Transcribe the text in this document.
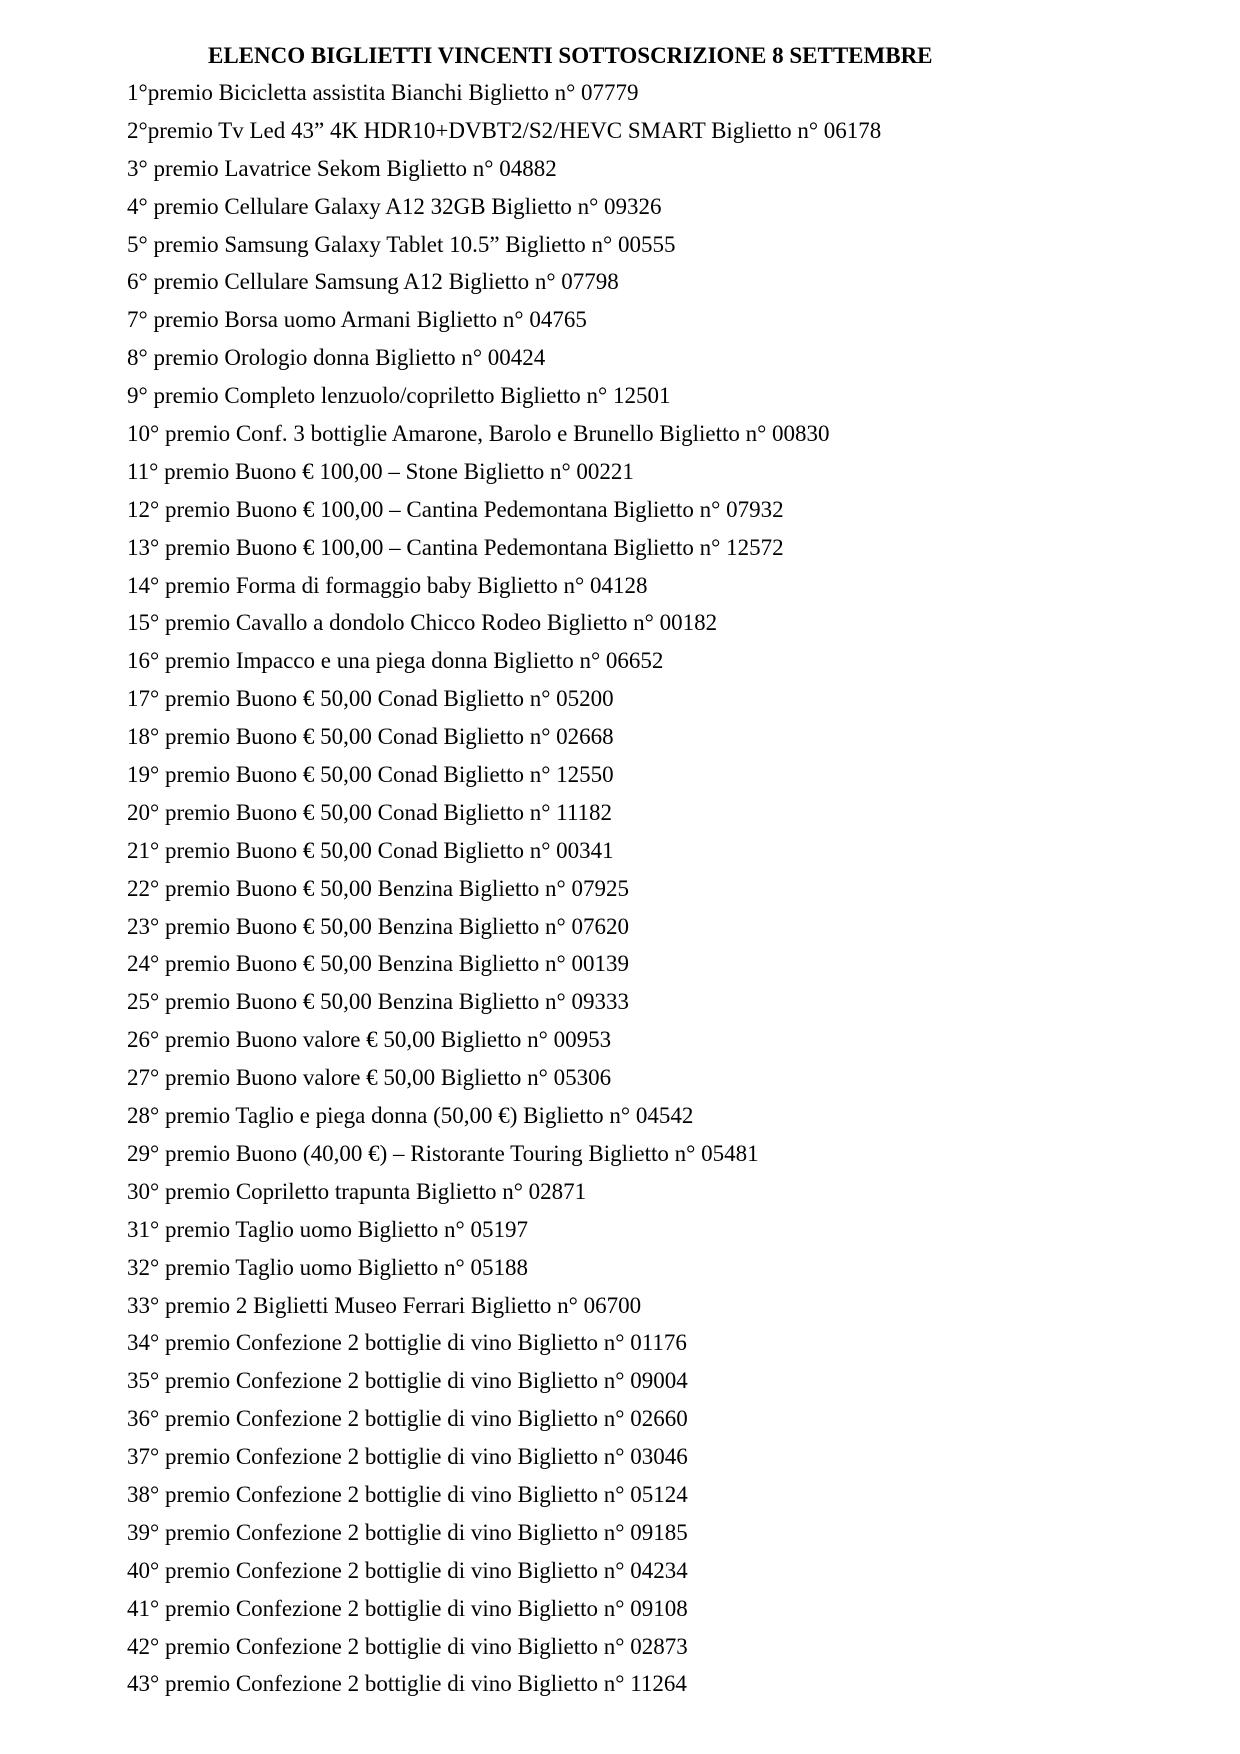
ELENCO BIGLIETTI VINCENTI SOTTOSCRIZIONE 8 SETTEMBRE
1°premio Bicicletta assistita Bianchi Biglietto n° 07779
2°premio Tv Led 43” 4K HDR10+DVBT2/S2/HEVC SMART Biglietto n° 06178
3° premio Lavatrice Sekom Biglietto n° 04882
4° premio Cellulare Galaxy A12 32GB Biglietto n° 09326
5° premio Samsung Galaxy Tablet 10.5” Biglietto n° 00555
6° premio Cellulare Samsung A12 Biglietto n° 07798
7° premio Borsa uomo Armani Biglietto n° 04765
8° premio Orologio donna Biglietto n° 00424
9° premio Completo lenzuolo/copriletto Biglietto n° 12501
10° premio Conf. 3 bottiglie Amarone, Barolo e Brunello Biglietto n° 00830
11° premio Buono € 100,00 – Stone Biglietto n° 00221
12° premio Buono € 100,00 – Cantina Pedemontana Biglietto n° 07932
13° premio Buono € 100,00 – Cantina Pedemontana Biglietto n° 12572
14° premio Forma di formaggio baby Biglietto n° 04128
15° premio Cavallo a dondolo Chicco Rodeo Biglietto n° 00182
16° premio Impacco e una piega donna Biglietto n° 06652
17° premio Buono € 50,00 Conad Biglietto n° 05200
18° premio Buono € 50,00 Conad Biglietto n° 02668
19° premio Buono € 50,00 Conad Biglietto n° 12550
20° premio Buono € 50,00 Conad Biglietto n° 11182
21° premio Buono € 50,00 Conad Biglietto n° 00341
22° premio Buono € 50,00 Benzina Biglietto n° 07925
23° premio Buono € 50,00 Benzina Biglietto n° 07620
24° premio Buono € 50,00 Benzina Biglietto n° 00139
25° premio Buono € 50,00 Benzina Biglietto n° 09333
26° premio Buono valore € 50,00 Biglietto n° 00953
27° premio Buono valore € 50,00 Biglietto n° 05306
28° premio Taglio e piega donna (50,00 €) Biglietto n° 04542
29° premio Buono (40,00 €) – Ristorante Touring Biglietto n° 05481
30° premio Copriletto trapunta Biglietto n° 02871
31° premio Taglio uomo Biglietto n° 05197
32° premio Taglio uomo Biglietto n° 05188
33° premio 2 Biglietti Museo Ferrari Biglietto n° 06700
34° premio Confezione 2 bottiglie di vino Biglietto n° 01176
35° premio Confezione 2 bottiglie di vino Biglietto n° 09004
36° premio Confezione 2 bottiglie di vino Biglietto n° 02660
37° premio Confezione 2 bottiglie di vino Biglietto n° 03046
38° premio Confezione 2 bottiglie di vino Biglietto n° 05124
39° premio Confezione 2 bottiglie di vino Biglietto n° 09185
40° premio Confezione 2 bottiglie di vino Biglietto n° 04234
41° premio Confezione 2 bottiglie di vino Biglietto n° 09108
42° premio Confezione 2 bottiglie di vino Biglietto n° 02873
43° premio Confezione 2 bottiglie di vino Biglietto n° 11264
